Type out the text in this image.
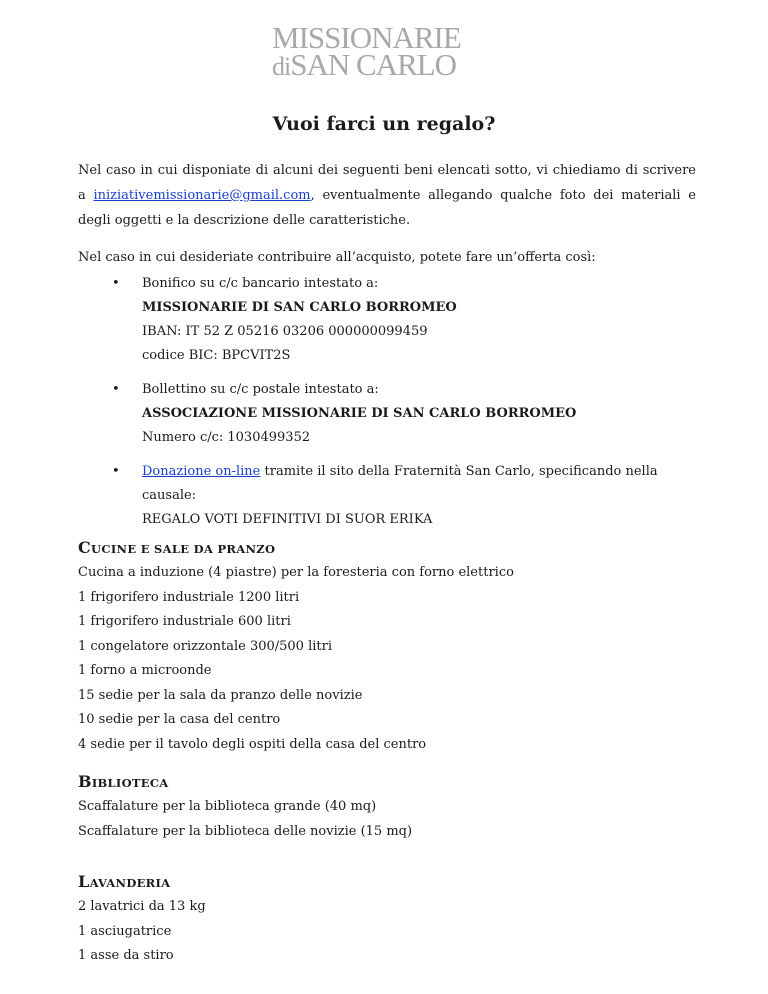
MISSIONARIE
diSAN CARLO
Vuoi farci un regalo?

Nel caso in cui disponiate di alcuni dei seguenti beni elencati sotto, vi chiediamo di scrivere a iniziativemissionarie@gmail.com, eventualmente allegando qualche foto dei materiali e degli oggetti e la descrizione delle caratteristiche.

Nel caso in cui desideriate contribuire all’acquisto, potete fare un’offerta così:

• Bonifico su c/c bancario intestato a:
MISSIONARIE DI SAN CARLO BORROMEO
IBAN: IT 52 Z 05216 03206 000000099459
codice BIC: BPCVIT2S
• Bollettino su c/c postale intestato a:
ASSOCIAZIONE MISSIONARIE DI SAN CARLO BORROMEO
Numero c/c: 1030499352
• Donazione on-line tramite il sito della Fraternità San Carlo, specificando nella causale:
REGALO VOTI DEFINITIVI DI SUOR ERIKA
CUCINE E SALE DA PRANZO

Cucina a induzione (4 piastre) per la foresteria con forno elettrico

1 frigorifero industriale 1200 litri

1 frigorifero industriale 600 litri

1 congelatore orizzontale 300/500 litri

1 forno a microonde

15 sedie per la sala da pranzo delle novizie

10 sedie per la casa del centro

4 sedie per il tavolo degli ospiti della casa del centro

BIBLIOTECA

Scaffalature per la biblioteca grande (40 mq)

Scaffalature per la biblioteca delle novizie (15 mq)

LAVANDERIA

2 lavatrici da 13 kg

1 asciugatrice

1 asse da stiro
